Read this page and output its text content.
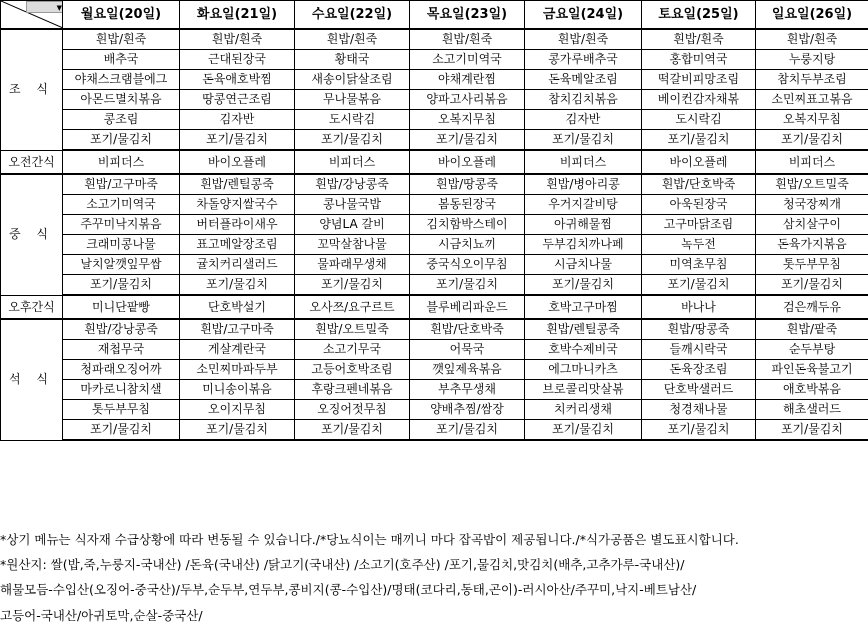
▼	월요일(20일)	화요일(21일)	수요일(22일)	목요일(23일)	금요일(24일)	토요일(25일)	일요일(26일)
조 식	흰밥/흰죽	흰밥/흰죽	흰밥/흰죽	흰밥/흰죽	흰밥/흰죽	흰밥/흰죽	흰밥/흰죽
	배추국	근대된장국	황태국	소고기미역국	콩가루배추국	홍합미역국	누룽지탕
	야채스크램블에그	돈육애호박찜	새송이닭살조림	야채계란찜	돈육메알조림	떡갈비피망조림	참치두부조림
	아몬드멸치볶음	땅콩연근조림	무나물볶음	양파고사리볶음	참치김치볶음	베이컨감자채볶	소민찌표고볶음
	콩조림	김자반	도시락김	오복지무침	김자반	도시락김	오복지무침
	포기/물김치	포기/물김치	포기/물김치	포기/물김치	포기/물김치	포기/물김치	포기/물김치
오전간식	비피더스	바이오플레	비피더스	바이오플레	비피더스	바이오플레	비피더스
중 식	흰밥/고구마죽	흰밥/렌틸콩죽	흰밥/강낭콩죽	흰밥/땅콩죽	흰밥/병아리콩	흰밥/단호박죽	흰밥/오트밀죽
	소고기미역국	차돌양지쌀국수	콩나물국밥	봄동된장국	우거지갈비탕	아욱된장국	청국장찌개
	주꾸미낙지볶음	버터플라이새우	양념LA 갈비	김치함박스테이	아귀해물찜	고구마닭조림	삼치살구이
	크래미콩나물	표고메알장조림	꼬막살참나물	시금치뇨끼	두부김치까나페	녹두전	돈육가지볶음
	날치알깻잎무쌈	귤치커리샐러드	물파래무생채	중국식오이무침	시금치나물	미역초무침	톳두부무침
	포기/물김치	포기/물김치	포기/물김치	포기/물김치	포기/물김치	포기/물김치	포기/물김치
오후간식	미니단팥빵	단호박설기	오사쯔/요구르트	블루베리파운드	호박고구마찜	바나나	검은깨두유
석 식	흰밥/강낭콩죽	흰밥/고구마죽	흰밥/오트밀죽	흰밥/단호박죽	흰밥/렌틸콩죽	흰밥/땅콩죽	흰밥/팥죽
	재첩무국	게살계란국	소고기무국	어묵국	호박수제비국	들깨시락국	순두부탕
	청파래오징어까	소민찌마파두부	고등어호박조림	깻잎제육볶음	에그마니카츠	돈육장조림	파인돈육불고기
	마카로니참치샐	미니송이볶음	후랑크펜네볶음	부추무생채	브로콜리맛살볶	단호박샐러드	애호박볶음
	톳두부무침	오이지무침	오징어젓무침	양배추찜/쌈장	치커리생채	청경채나물	해초샐러드
	포기/물김치	포기/물김치	포기/물김치	포기/물김치	포기/물김치	포기/물김치	포기/물김치
*상기 메뉴는 식자재 수급상황에 따라 변동될 수 있습니다./*당뇨식이는 매끼니 마다 잡곡밥이 제공됩니다./*식가공품은 별도표시합니다.
*원산지: 쌀(밥,죽,누룽지-국내산) /돈육(국내산) /닭고기(국내산) /소고기(호주산) /포기,물김치,맛김치(배추,고추가루-국내산)/
해물모듬-수입산(오징어-중국산)/두부,순두부,연두부,콩비지(콩-수입산)/명태(코다리,동태,곤이)-러시아산/주꾸미,낙지-베트남산/
고등어-국내산/아귀토막,순살-중국산/
